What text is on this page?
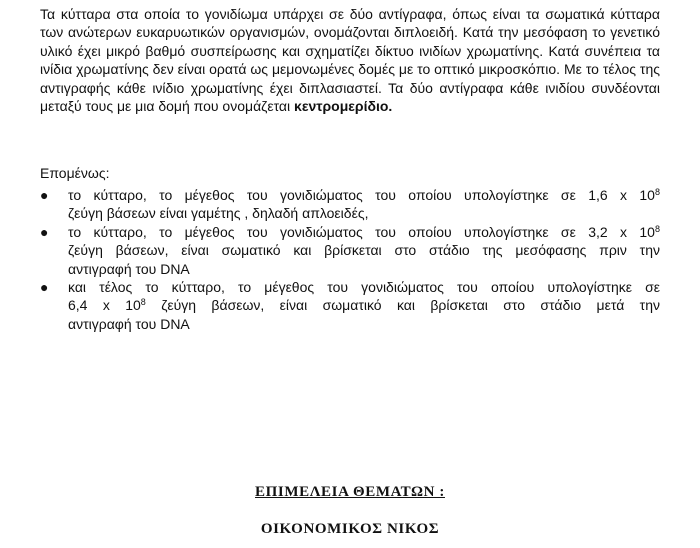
Τα κύτταρα στα οποία το γονιδίωμα υπάρχει σε δύο αντίγραφα, όπως είναι τα σωματικά κύτταρα των ανώτερων ευκαρυωτικών οργανισμών, ονομάζονται διπλοειδή. Κατά την μεσόφαση το γενετικό υλικό έχει μικρό βαθμό συσπείρωσης και σχηματίζει δίκτυο ινιδίων χρωματίνης. Κατά συνέπεια τα ινίδια χρωματίνης δεν είναι ορατά ως μεμονωμένες δομές με το οπτικό μικροσκόπιο. Με το τέλος της αντιγραφής κάθε ινίδιο χρωματίνης έχει διπλασιαστεί. Τα δύο αντίγραφα κάθε ινιδίου συνδέονται μεταξύ τους με μια δομή που ονομάζεται κεντρομερίδιο.

Επομένως:

● το κύτταρο, το μέγεθος του γονιδιώματος του οποίου υπολογίστηκε σε 1,6 x $10^8$
ζεύγη βάσεων είναι γαμέτης , δηλαδή απλοειδές,
● το κύτταρο, το μέγεθος του γονιδιώματος του οποίου υπολογίστηκε σε 3,2 x $10^8$
ζεύγη βάσεων, είναι σωματικό και βρίσκεται στο στάδιο της μεσόφασης πριν την
αντιγραφή του DNA
● και τέλος το κύτταρο, το μέγεθος του γονιδιώματος του οποίου υπολογίστηκε σε
6,4 x $10^8$ ζεύγη βάσεων, είναι σωματικό και βρίσκεται στο στάδιο μετά την
αντιγραφή του DNA

ΕΠΙΜΕΛΕΙΑ ΘΕΜΑΤΩΝ :

ΟΙΚΟΝΟΜΙΚΟΣ ΝΙΚΟΣ
